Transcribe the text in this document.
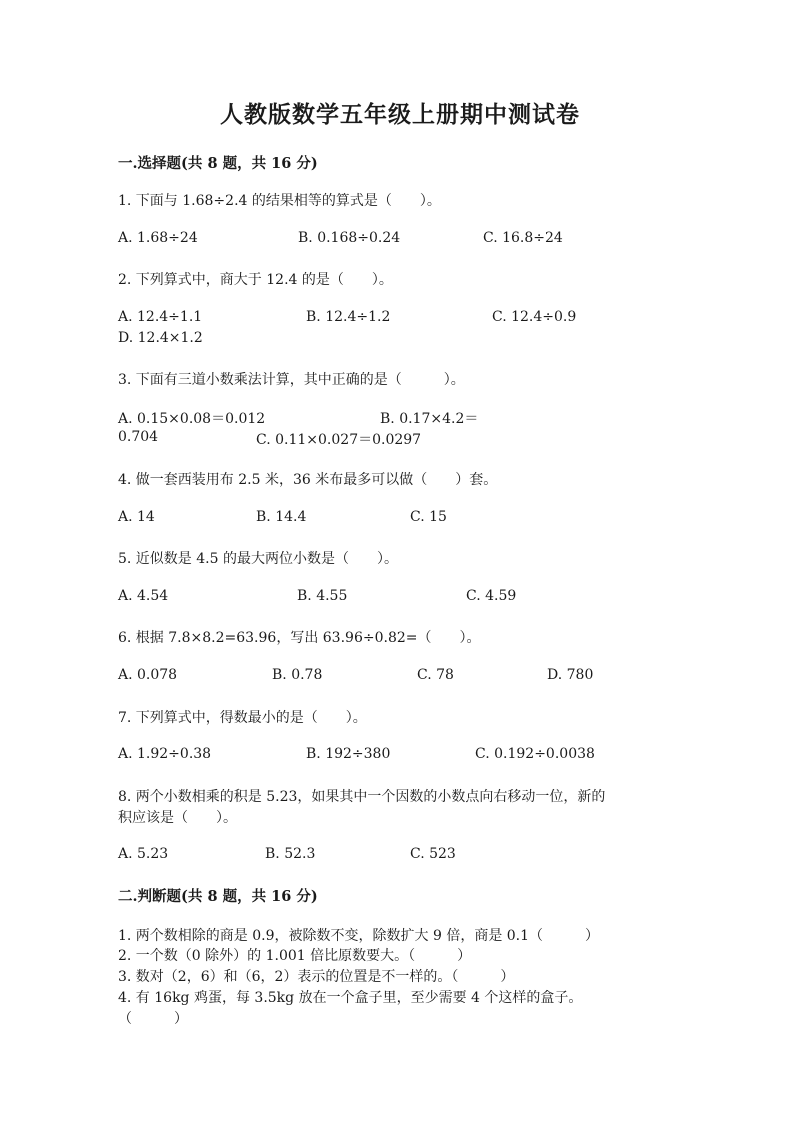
人教版数学五年级上册期中测试卷
一.选择题(共 8 题，共 16 分)
1. 下面与 1.68÷2.4 的结果相等的算式是（　　）。
A. 1.68÷24	B. 0.168÷0.24	C. 16.8÷24
2. 下列算式中，商大于 12.4 的是（　　）。
A. 12.4÷1.1	B. 12.4÷1.2	C. 12.4÷0.9
D. 12.4×1.2
3. 下面有三道小数乘法计算，其中正确的是（　　　）。
A. 0.15×0.08＝0.012	B. 0.17×4.2＝
0.704	C. 0.11×0.027＝0.0297
4. 做一套西装用布 2.5 米，36 米布最多可以做（　　）套。
A. 14	B. 14.4	C. 15
5. 近似数是 4.5 的最大两位小数是（　　）。
A. 4.54	B. 4.55	C. 4.59
6. 根据 7.8×8.2=63.96，写出 63.96÷0.82=（　　）。
A. 0.078	B. 0.78	C. 78	D. 780
7. 下列算式中，得数最小的是（　　）。
A. 1.92÷0.38	B. 192÷380	C. 0.192÷0.0038
8. 两个小数相乘的积是 5.23，如果其中一个因数的小数点向右移动一位，新的
积应该是（　　）。
A. 5.23	B. 52.3	C. 523
二.判断题(共 8 题，共 16 分)
1. 两个数相除的商是 0.9，被除数不变，除数扩大 9 倍，商是 0.1（　　　）
2. 一个数（0 除外）的 1.001 倍比原数要大。（　　　）
3. 数对（2，6）和（6，2）表示的位置是不一样的。（　　　）
4. 有 16kg 鸡蛋，每 3.5kg 放在一个盒子里，至少需要 4 个这样的盒子。
（　　　）
